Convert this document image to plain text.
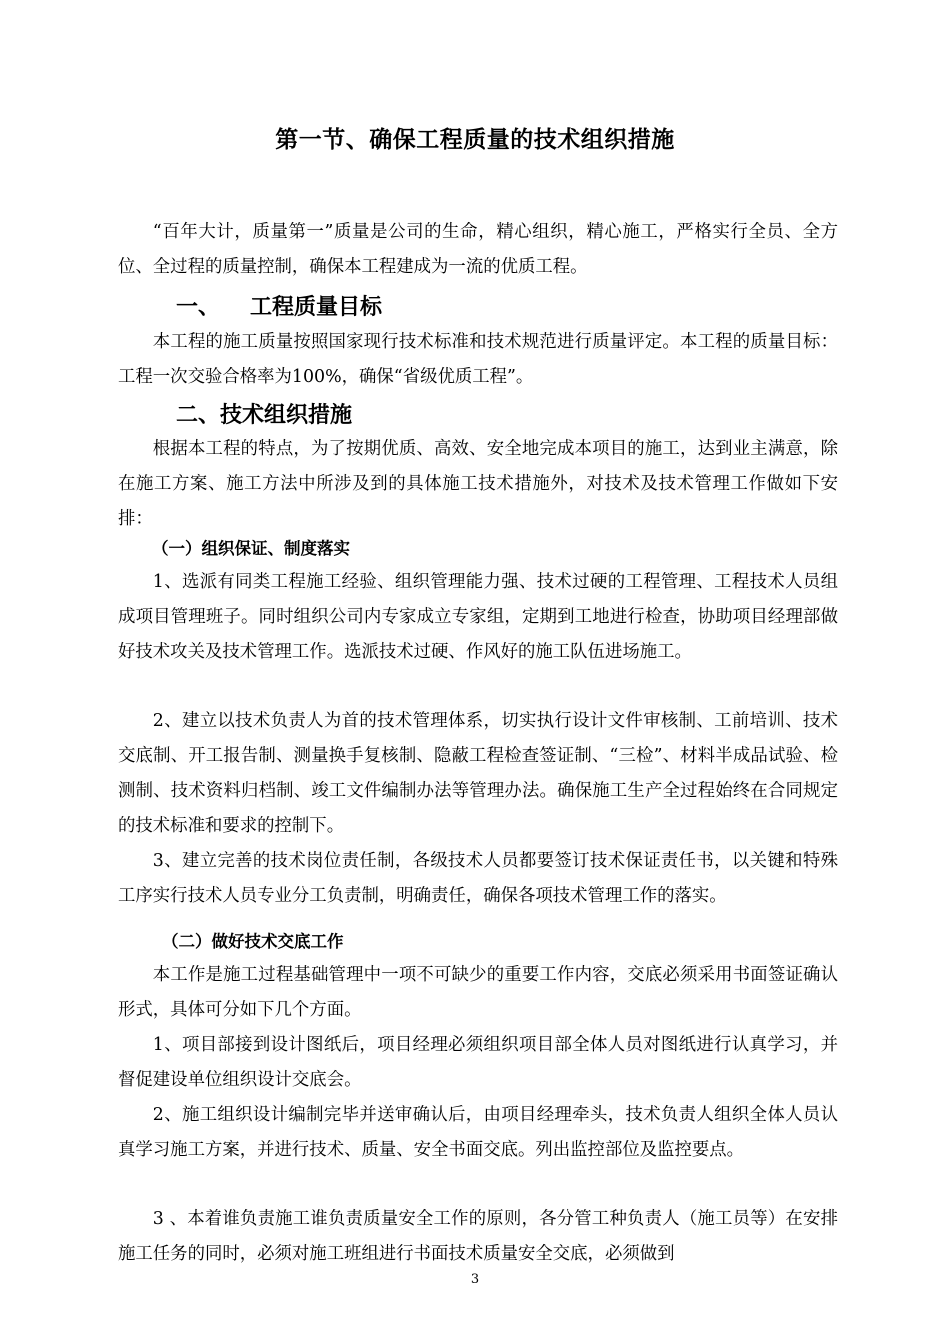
第一节、确保工程质量的技术组织措施

“百年大计，质量第一”质量是公司的生命，精心组织，精心施工，严格实行全员、全方位、全过程的质量控制，确保本工程建成为一流的优质工程。

一、 工程质量目标

本工程的施工质量按照国家现行技术标准和技术规范进行质量评定。本工程的质量目标：工程一次交验合格率为100%，确保“省级优质工程”。

二、技术组织措施

根据本工程的特点，为了按期优质、高效、安全地完成本项目的施工，达到业主满意，除在施工方案、施工方法中所涉及到的具体施工技术措施外，对技术及技术管理工作做如下安排：

（一）组织保证、制度落实

1、选派有同类工程施工经验、组织管理能力强、技术过硬的工程管理、工程技术人员组成项目管理班子。同时组织公司内专家成立专家组，定期到工地进行检查，协助项目经理部做好技术攻关及技术管理工作。选派技术过硬、作风好的施工队伍进场施工。

2、建立以技术负责人为首的技术管理体系，切实执行设计文件审核制、工前培训、技术交底制、开工报告制、测量换手复核制、隐蔽工程检查签证制、“三检”、材料半成品试验、检测制、技术资料归档制、竣工文件编制办法等管理办法。确保施工生产全过程始终在合同规定的技术标准和要求的控制下。

3、建立完善的技术岗位责任制，各级技术人员都要签订技术保证责任书，以关键和特殊工序实行技术人员专业分工负责制，明确责任，确保各项技术管理工作的落实。

（二）做好技术交底工作

本工作是施工过程基础管理中一项不可缺少的重要工作内容，交底必须采用书面签证确认形式，具体可分如下几个方面。

1、项目部接到设计图纸后，项目经理必须组织项目部全体人员对图纸进行认真学习，并督促建设单位组织设计交底会。

2、施工组织设计编制完毕并送审确认后，由项目经理牵头，技术负责人组织全体人员认真学习施工方案，并进行技术、质量、安全书面交底。列出监控部位及监控要点。

3 、本着谁负责施工谁负责质量安全工作的原则，各分管工种负责人（施工员等）在安排施工任务的同时，必须对施工班组进行书面技术质量安全交底，必须做到

3
